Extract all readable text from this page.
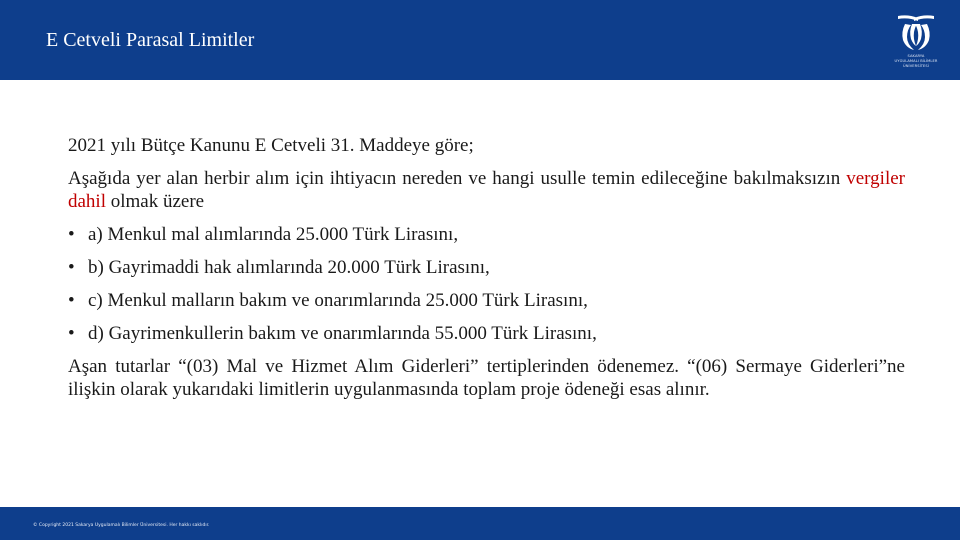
E Cetveli Parasal Limitler
SAKARYA
UYGULAMALI BİLİMLER
ÜNİVERSİTESİ

2021 yılı Bütçe Kanunu E Cetveli 31. Maddeye göre;

Aşağıda yer alan herbir alım için ihtiyacın nereden ve hangi usulle temin edileceğine bakılmaksızın vergiler dahil olmak üzere

• a) Menkul mal alımlarında 25.000 Türk Lirasını,
• b) Gayrimaddi hak alımlarında 20.000 Türk Lirasını,
• c) Menkul malların bakım ve onarımlarında 25.000 Türk Lirasını,
• d) Gayrimenkullerin bakım ve onarımlarında 55.000 Türk Lirasını,

Aşan tutarlar “(03) Mal ve Hizmet Alım Giderleri” tertiplerinden ödenemez. “(06) Sermaye Giderleri”ne ilişkin olarak yukarıdaki limitlerin uygulanmasında toplam proje ödeneği esas alınır.

© Copyright 2021 Sakarya Uygulamalı Bilimler Üniversitesi. Her hakkı saklıdır.
